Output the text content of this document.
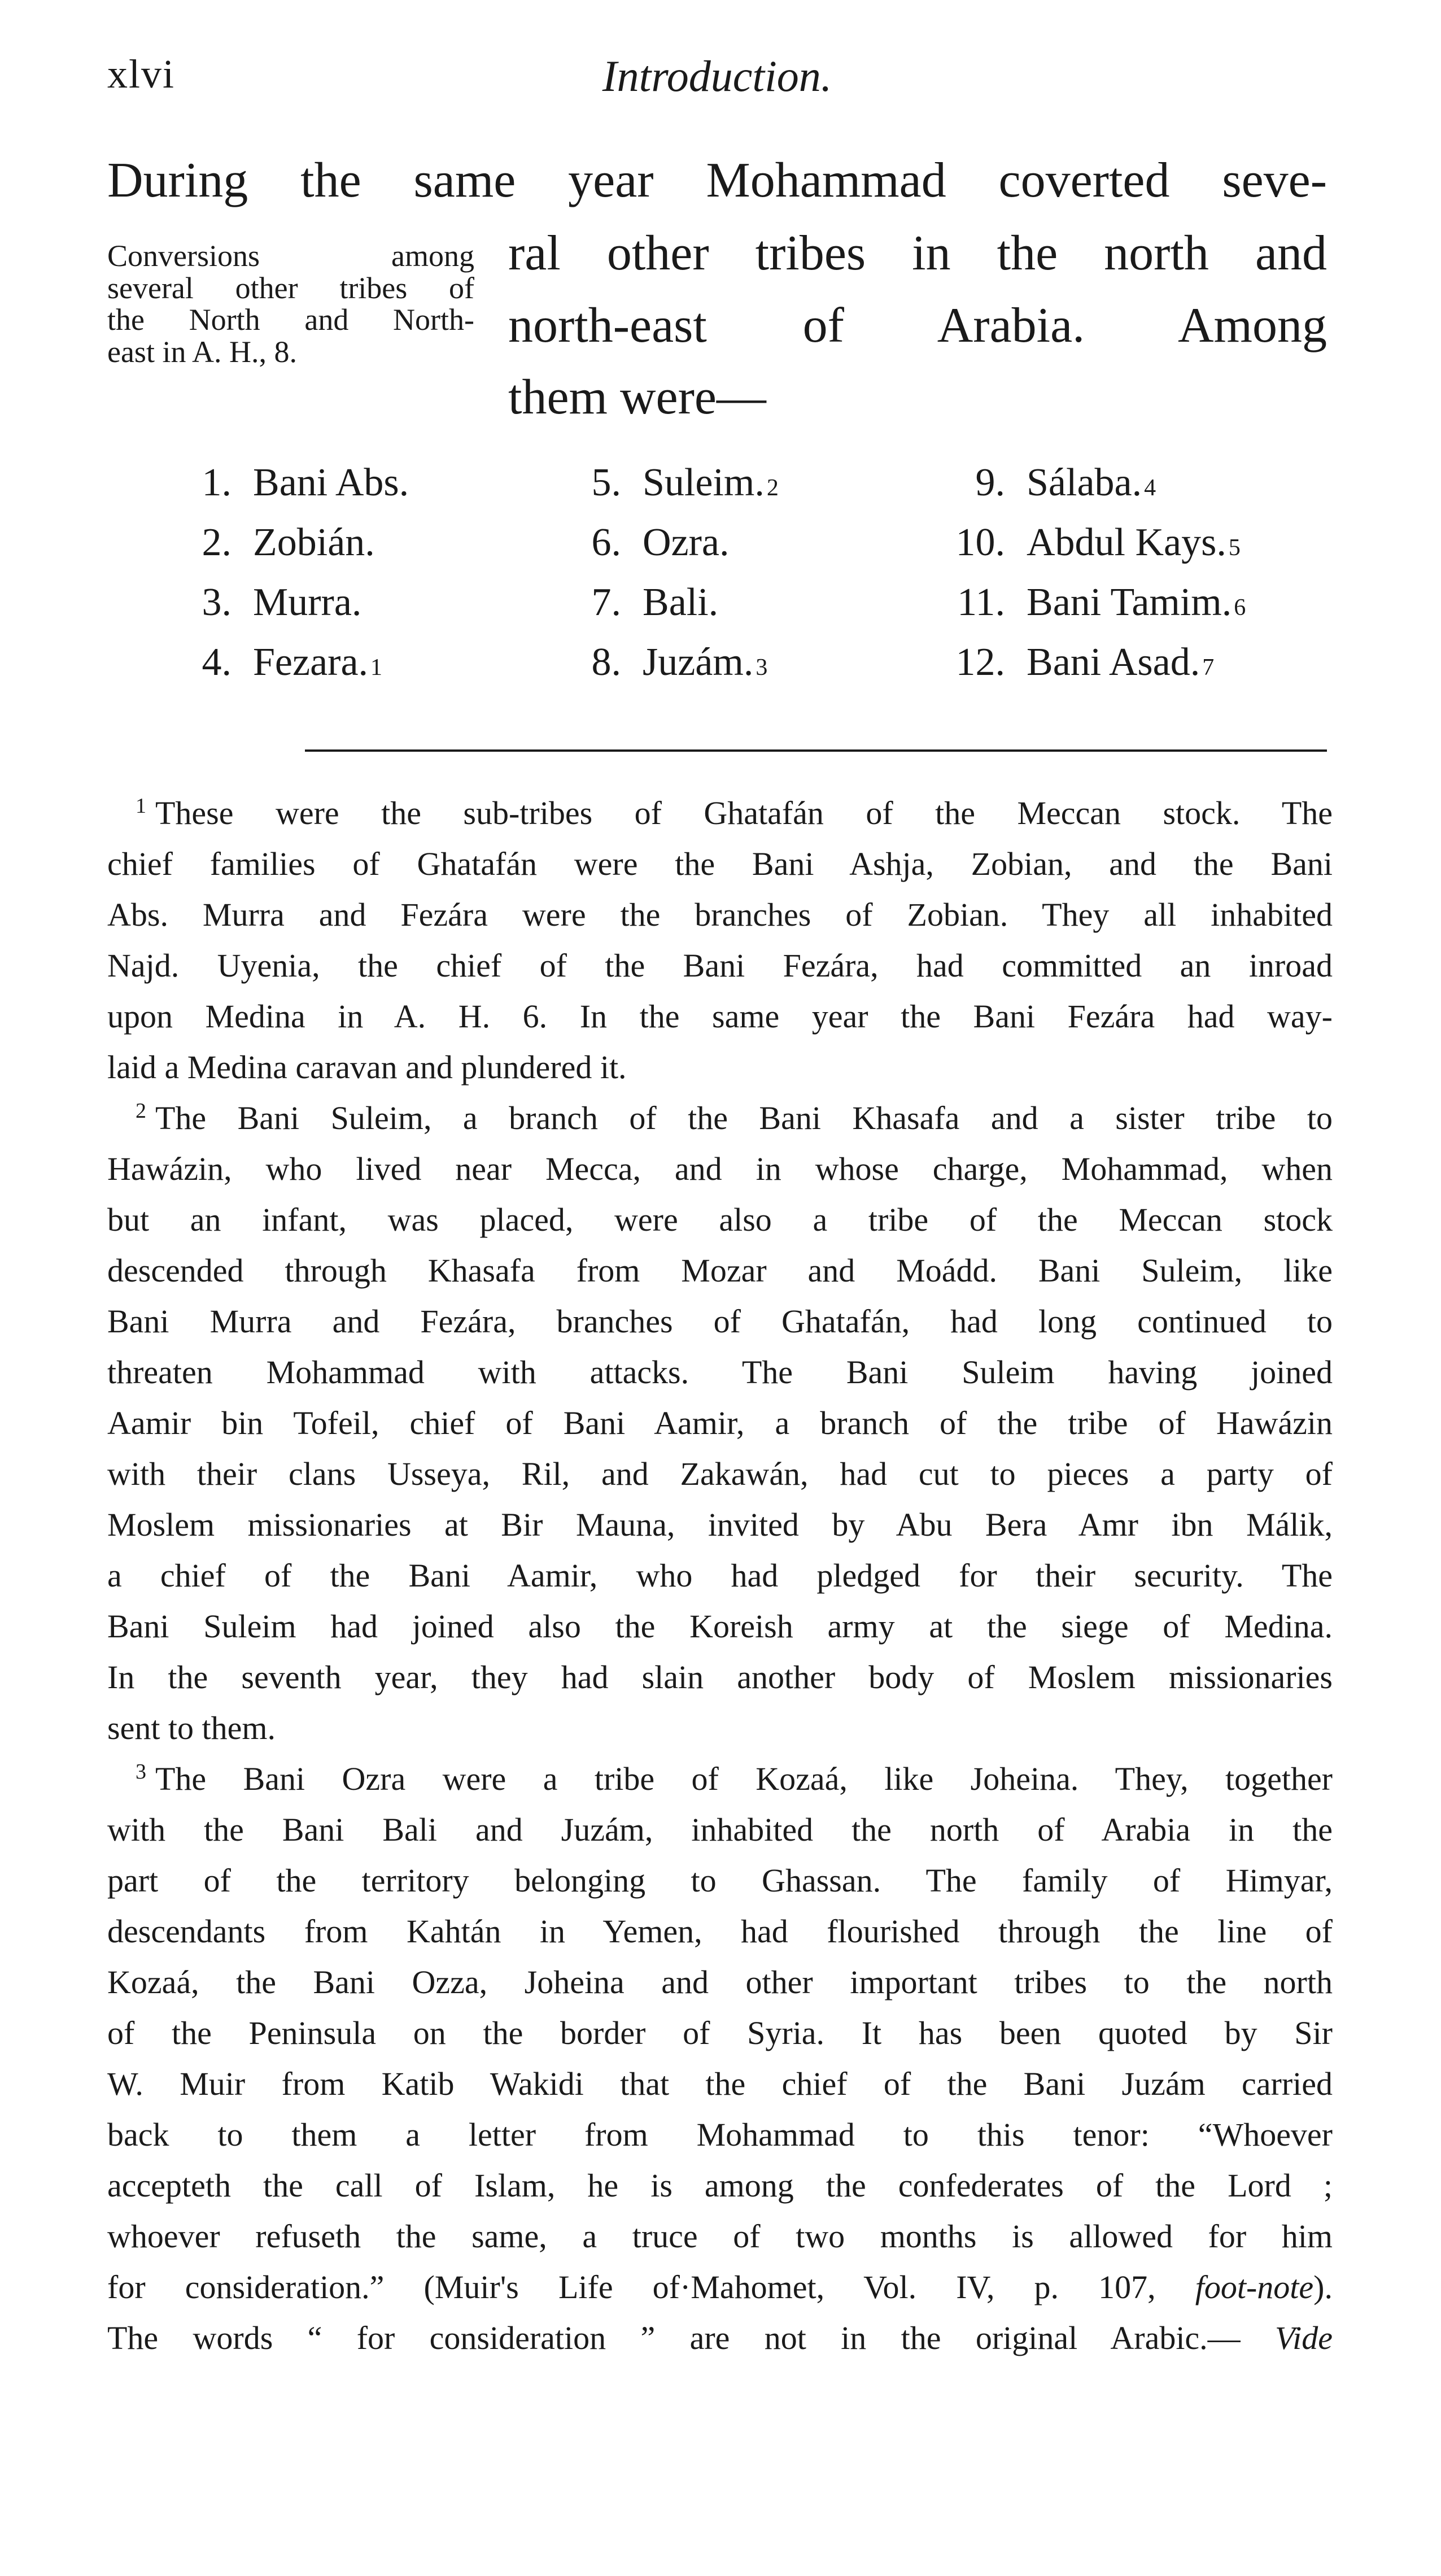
xlvi	Introduction.
During the same year Mohammad coverted seve-
Conversions among
several other tribes of
the North and North-
east in A. H., 8.
ral other tribes in the north and
north-east of Arabia. Among
them were—
1. Bani Abs.
2. Zobián.
3. Murra.
4. Fezara. 1
5. Suleim. 2
6. Ozra.
7. Bali.
8. Juzám. 3
9. Sálaba. 4
10. Abdul Kays. 5
11. Bani Tamim. 6
12. Bani Asad. 7
$^1$ These were the sub-tribes of Ghatafán of the Meccan stock. The
chief families of Ghatafán were the Bani Ashja, Zobian, and the Bani
Abs. Murra and Fezára were the branches of Zobian. They all inhabited
Najd. Uyenia, the chief of the Bani Fezára, had committed an inroad
upon Medina in A. H. 6. In the same year the Bani Fezára had way-
laid a Medina caravan and plundered it.
$^2$ The Bani Suleim, a branch of the Bani Khasafa and a sister tribe to
Hawázin, who lived near Mecca, and in whose charge, Mohammad, when
but an infant, was placed, were also a tribe of the Meccan stock
descended through Khasafa from Mozar and Moádd. Bani Suleim, like
Bani Murra and Fezára, branches of Ghatafán, had long continued to
threaten Mohammad with attacks. The Bani Suleim having joined
Aamir bin Tofeil, chief of Bani Aamir, a branch of the tribe of Hawázin
with their clans Usseya, Ril, and Zakawán, had cut to pieces a party of
Moslem missionaries at Bir Mauna, invited by Abu Bera Amr ibn Málik,
a chief of the Bani Aamir, who had pledged for their security. The
Bani Suleim had joined also the Koreish army at the siege of Medina.
In the seventh year, they had slain another body of Moslem missionaries
sent to them.
$^3$ The Bani Ozra were a tribe of Kozaá, like Joheina. They, together
with the Bani Bali and Juzám, inhabited the north of Arabia in the
part of the territory belonging to Ghassan. The family of Himyar,
descendants from Kahtán in Yemen, had flourished through the line of
Kozaá, the Bani Ozza, Joheina and other important tribes to the north
of the Peninsula on the border of Syria. It has been quoted by Sir
W. Muir from Katib Wakidi that the chief of the Bani Juzám carried
back to them a letter from Mohammad to this tenor: “Whoever
accepteth the call of Islam, he is among the confederates of the Lord ;
whoever refuseth the same, a truce of two months is allowed for him
for consideration.” (Muir's Life of·Mahomet, Vol. IV, p. 107, foot-note).
The words “ for consideration ” are not in the original Arabic.— Vide
